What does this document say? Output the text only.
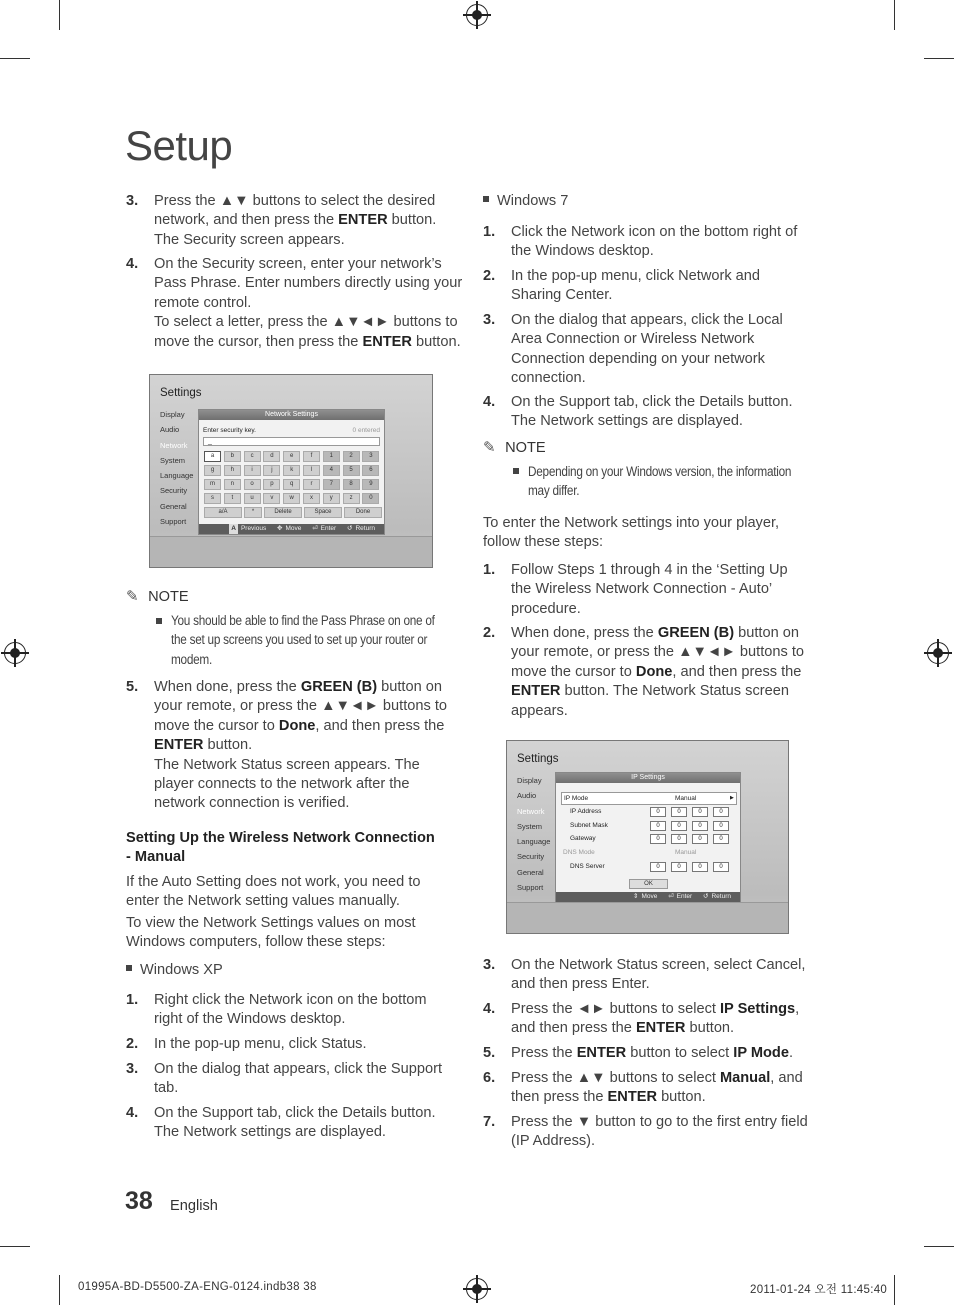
Setup
3. Press the ▲▼ buttons to select the desired
network, and then press the ENTER button.
The Security screen appears.
4. On the Security screen, enter your network’s
Pass Phrase. Enter numbers directly using your
remote control.
To select a letter, press the ▲▼◄► buttons to
move the cursor, then press the ENTER button.
Settings
Display
Audio
Network
System
Language
Security
General
Support
Network Settings
Enter security key.	0 entered
_
a	b	c	d	e	f	1	2	3
g	h	i	j	k	l	4	5	6
m	n	o	p	q	r	7	8	9
s	t	u	v	w	x	y	z	0
a/A	*	Delete	Space	Done
A Previous ✥ Move ⏎ Enter ↺ Return
✎ NOTE
You should be able to find the Pass Phrase on one of
the set up screens you used to set up your router or
modem.
5. When done, press the GREEN (B) button on
your remote, or press the ▲▼◄► buttons to
move the cursor to Done, and then press the
ENTER button.
The Network Status screen appears. The
player connects to the network after the
network connection is verified.
Setting Up the Wireless Network Connection
- Manual
If the Auto Setting does not work, you need to
enter the Network setting values manually.
To view the Network Settings values on most
Windows computers, follow these steps:
Windows XP
1. Right click the Network icon on the bottom
right of the Windows desktop.
2. In the pop-up menu, click Status.
3. On the dialog that appears, click the Support
tab.
4. On the Support tab, click the Details button.
The Network settings are displayed.
Windows 7
1. Click the Network icon on the bottom right of
the Windows desktop.
2. In the pop-up menu, click Network and
Sharing Center.
3. On the dialog that appears, click the Local
Area Connection or Wireless Network
Connection depending on your network
connection.
4. On the Support tab, click the Details button.
The Network settings are displayed.
✎ NOTE
Depending on your Windows version, the information
may differ.
To enter the Network settings into your player,
follow these steps:
1. Follow Steps 1 through 4 in the ‘Setting Up
the Wireless Network Connection - Auto’
procedure.
2. When done, press the GREEN (B) button on
your remote, or press the ▲▼◄► buttons to
move the cursor to Done, and then press the
ENTER button. The Network Status screen
appears.
Settings
Display
Audio
Network
System
Language
Security
General
Support
IP Settings
IP Mode	Manual	▶
IP Address	0	0	0	0
Subnet Mask	0	0	0	0
Gateway	0	0	0	0
DNS Mode	Manual
DNS Server	0	0	0	0
OK
⇕ Move ⏎ Enter ↺ Return
3. On the Network Status screen, select Cancel,
and then press Enter.
4. Press the ◄► buttons to select IP Settings,
and then press the ENTER button.
5. Press the ENTER button to select IP Mode.
6. Press the ▲▼ buttons to select Manual, and
then press the ENTER button.
7. Press the ▼ button to go to the first entry field
(IP Address).
38 English
01995A-BD-D5500-ZA-ENG-0124.indb38 38	2011-01-24 오전 11:45:40
